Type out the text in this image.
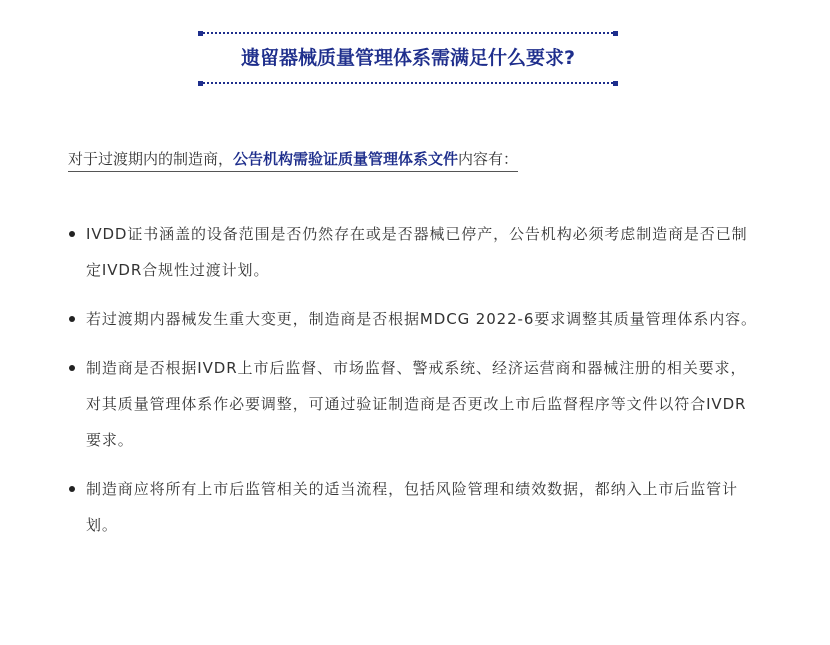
遗留器械质量管理体系需满足什么要求?
对于过渡期内的制造商，公告机构需验证质量管理体系文件内容有：
IVDD证书涵盖的设备范围是否仍然存在或是否器械已停产，公告机构必须考虑制造商是否已制定IVDR合规性过渡计划。
若过渡期内器械发生重大变更，制造商是否根据MDCG 2022-6要求调整其质量管理体系内容。
制造商是否根据IVDR上市后监督、市场监督、警戒系统、经济运营商和器械注册的相关要求，对其质量管理体系作必要调整，可通过验证制造商是否更改上市后监督程序等文件以符合IVDR要求。
制造商应将所有上市后监管相关的适当流程，包括风险管理和绩效数据，都纳入上市后监管计划。
